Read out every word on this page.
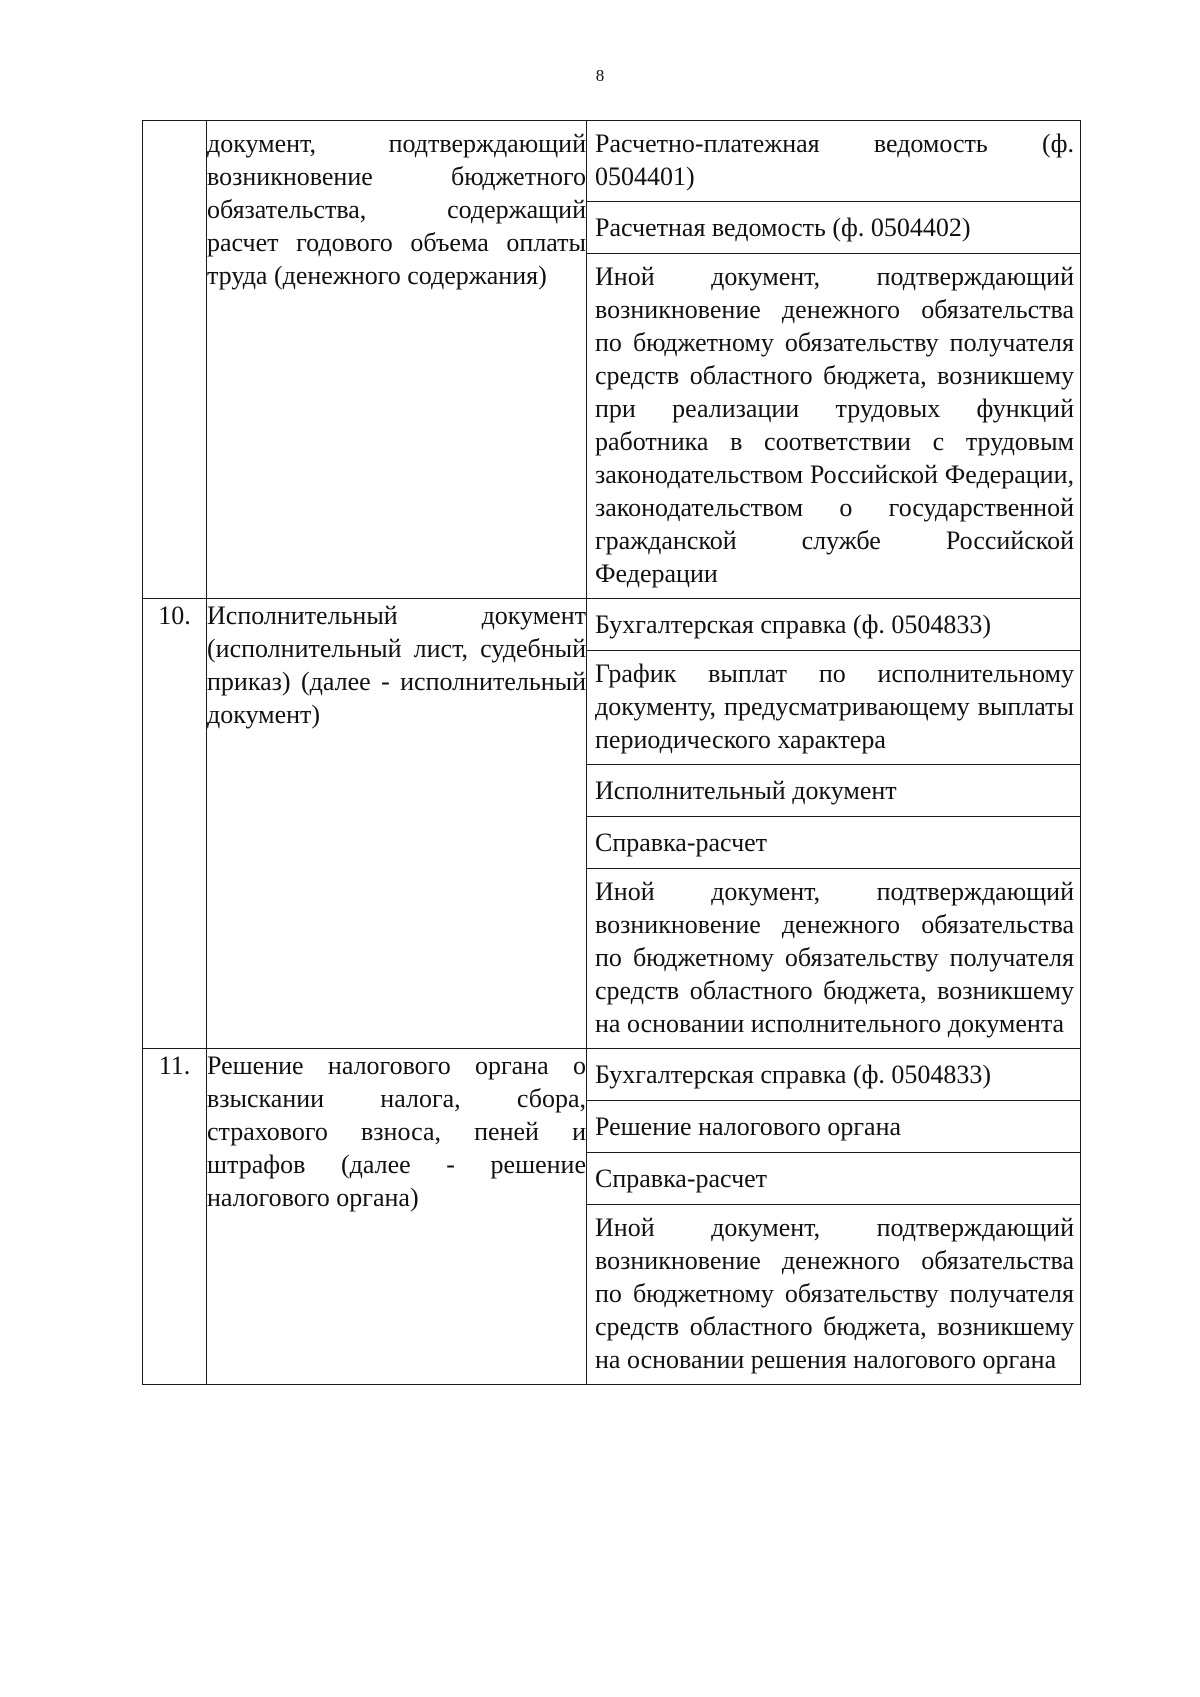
8

	документ, подтверждающий возникновение бюджетного обязательства, содержащий расчет годового объема оплаты труда (денежного содержания)	Расчетно-платежная ведомость (ф. 0504401)
Расчетная ведомость (ф. 0504402)
Иной документ, подтверждающий возникновение денежного обязательства по бюджетному обязательству получателя средств областного бюджета, возникшему при реализации трудовых функций работника в соответствии с трудовым законодательством Российской Федерации, законодательством о государственной гражданской службе Российской Федерации

10.	Исполнительный документ (исполнительный лист, судебный приказ) (далее - исполнительный документ)	Бухгалтерская справка (ф. 0504833)
График выплат по исполнительному документу, предусматривающему выплаты периодического характера
Исполнительный документ
Справка-расчет
Иной документ, подтверждающий возникновение денежного обязательства по бюджетному обязательству получателя средств областного бюджета, возникшему на основании исполнительного документа

11.	Решение налогового органа о взыскании налога, сбора, страхового взноса, пеней и штрафов (далее - решение налогового органа)	Бухгалтерская справка (ф. 0504833)
Решение налогового органа
Справка-расчет
Иной документ, подтверждающий возникновение денежного обязательства по бюджетному обязательству получателя средств областного бюджета, возникшему на основании решения налогового органа
